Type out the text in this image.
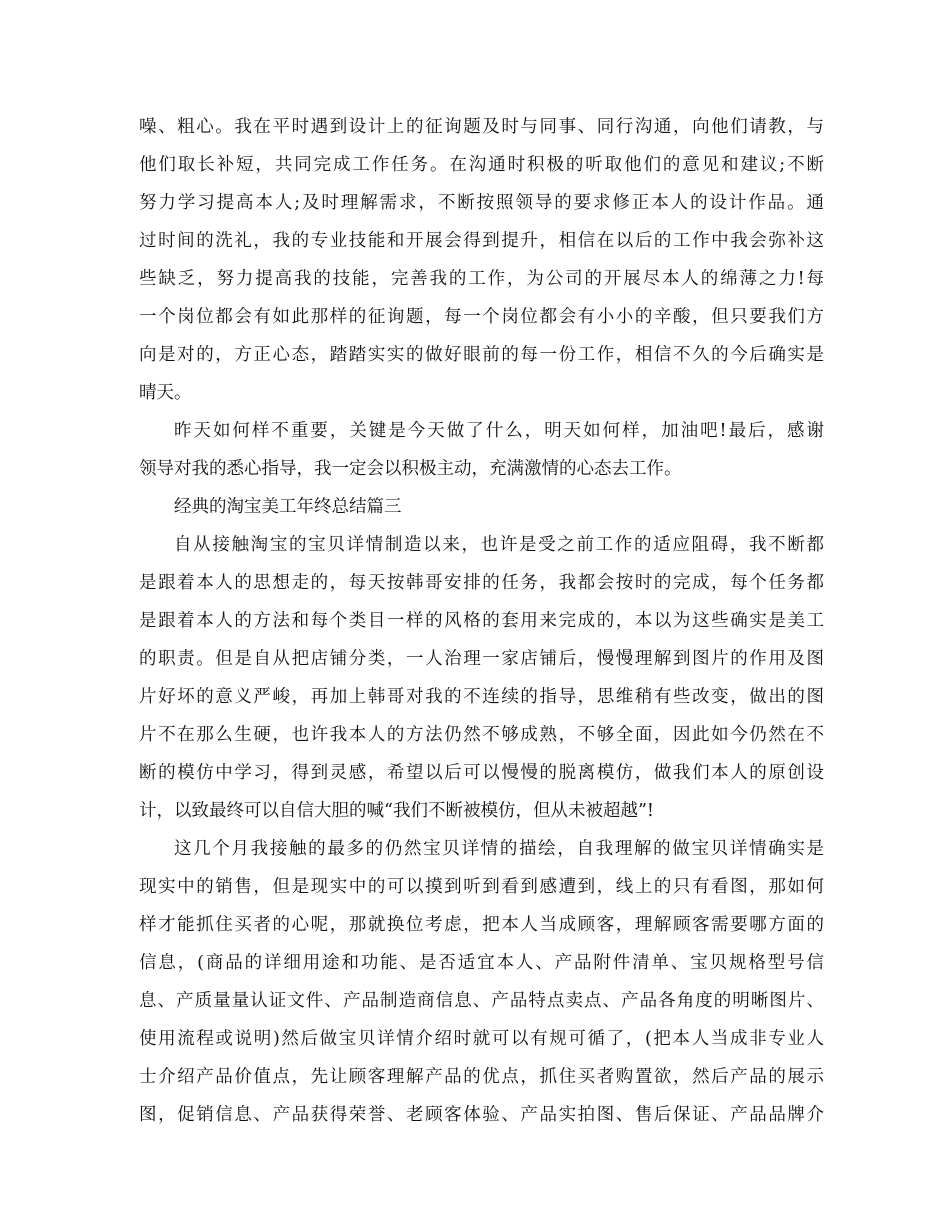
噪、粗心。我在平时遇到设计上的征询题及时与同事、同行沟通，向他们请教，与
他们取长补短，共同完成工作任务。在沟通时积极的听取他们的意见和建议;不断
努力学习提高本人;及时理解需求，不断按照领导的要求修正本人的设计作品。通
过时间的洗礼，我的专业技能和开展会得到提升，相信在以后的工作中我会弥补这
些缺乏，努力提高我的技能，完善我的工作，为公司的开展尽本人的绵薄之力!每
一个岗位都会有如此那样的征询题，每一个岗位都会有小小的辛酸，但只要我们方
向是对的，方正心态，踏踏实实的做好眼前的每一份工作，相信不久的今后确实是
晴天。
昨天如何样不重要，关键是今天做了什么，明天如何样，加油吧!最后，感谢
领导对我的悉心指导，我一定会以积极主动，充满激情的心态去工作。
经典的淘宝美工年终总结篇三
自从接触淘宝的宝贝详情制造以来，也许是受之前工作的适应阻碍，我不断都
是跟着本人的思想走的，每天按韩哥安排的任务，我都会按时的完成，每个任务都
是跟着本人的方法和每个类目一样的风格的套用来完成的，本以为这些确实是美工
的职责。但是自从把店铺分类，一人治理一家店铺后，慢慢理解到图片的作用及图
片好坏的意义严峻，再加上韩哥对我的不连续的指导，思维稍有些改变，做出的图
片不在那么生硬，也许我本人的方法仍然不够成熟，不够全面，因此如今仍然在不
断的模仿中学习，得到灵感，希望以后可以慢慢的脱离模仿，做我们本人的原创设
计，以致最终可以自信大胆的喊“我们不断被模仿，但从未被超越”!
这几个月我接触的最多的仍然宝贝详情的描绘，自我理解的做宝贝详情确实是
现实中的销售，但是现实中的可以摸到听到看到感遭到，线上的只有看图，那如何
样才能抓住买者的心呢，那就换位考虑，把本人当成顾客，理解顾客需要哪方面的
信息，(商品的详细用途和功能、是否适宜本人、产品附件清单、宝贝规格型号信
息、产质量量认证文件、产品制造商信息、产品特点卖点、产品各角度的明晰图片、
使用流程或说明)然后做宝贝详情介绍时就可以有规可循了，(把本人当成非专业人
士介绍产品价值点，先让顾客理解产品的优点，抓住买者购置欲，然后产品的展示
图，促销信息、产品获得荣誉、老顾客体验、产品实拍图、售后保证、产品品牌介
